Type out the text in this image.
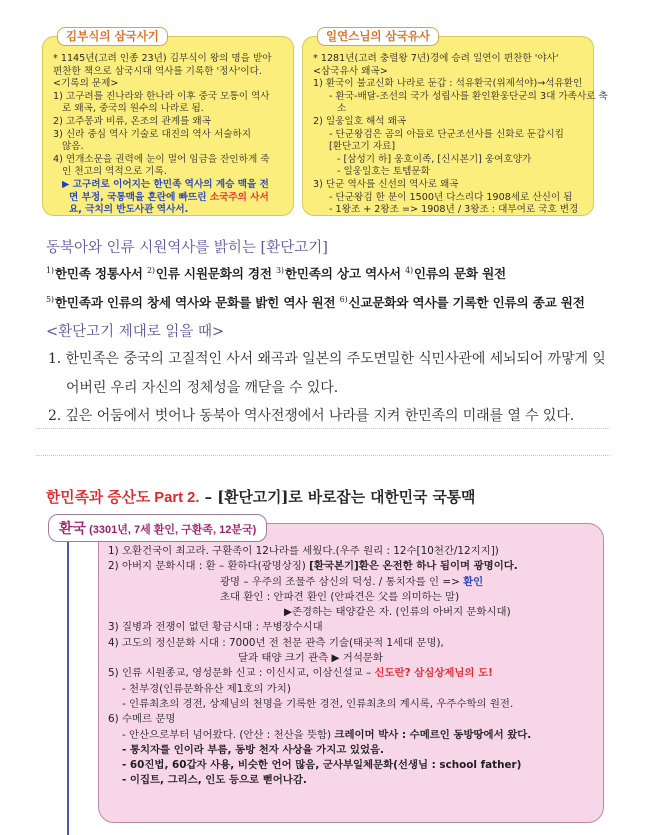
김부식의 삼국사기
* 1145년(고려 인종 23년) 김부식이 왕의 명을 받아
편찬한 책으로 삼국시대 역사를 기록한 '정사'이다.
<기록의 문제>
1) 고구려를 진나라와 한나라 이후 중국 모통이 역사
로 왜곡, 중국의 원수의 나라로 됨.
2) 고주몽과 비류, 온조의 관계를 왜곡
3) 신라 중심 역사 기술로 대진의 역사 서술하지
않음.
4) 연개소문을 권력에 눈이 멀어 임금을 잔인하게 죽
인 천고의 역적으로 기록.
▶ 고구려로 이어지는 한민족 역사의 계승 맥을 전
면 부정, 국통맥을 혼란에 빠뜨린 소국주의 사서
요, 극치의 반도사관 역사서.
일연스님의 삼국유사
* 1281년(고려 충렬왕 7년)경에 승려 일연이 편찬한 '야사'
<삼국유사 왜곡>
1) 환국이 불교신화 나라로 둔갑 : 석유환국(위제석야)→석유환인
- 환국-배달-조선의 국가 성립사를 환인환웅단군의 3대 가족사로 축
소
2) 일웅일호 해석 왜곡
- 단군왕검은 곰의 아들로 단군조선사를 신화로 둔갑시킴
[환단고기 자료]
- [삼성기 하] 웅호이족, [신시본기] 웅여호양가
- 일웅일호는 토템문화
3) 단군 역사를 신선의 역사로 왜곡
- 단군왕검 한 분이 1500년 다스리다 1908세로 산신이 됨
- 1왕조 + 2왕조 => 1908년 / 3왕조 : 대부여로 국호 변경
동북아와 인류 시원역사를 밝히는 [환단고기]
$^{1)}$한민족 정통사서 $^{2)}$인류 시원문화의 경전 $^{3)}$한민족의 상고 역사서 $^{4)}$인류의 문화 원전
$^{5)}$한민족과 인류의 창세 역사와 문화를 밝힌 역사 원전 $^{6)}$신교문화와 역사를 기록한 인류의 종교 원전
<환단고기 제대로 읽을 때>
1. 한민족은 중국의 고질적인 사서 왜곡과 일본의 주도면밀한 식민사관에 세뇌되어 까맣게 잊
어버린 우리 자신의 정체성을 깨닫을 수 있다.
2. 깊은 어둠에서 벗어나 동북아 역사전쟁에서 나라를 지켜 한민족의 미래를 열 수 있다.
한민족과 증산도 Part 2. – [환단고기]로 바로잡는 대한민국 국통맥
환국 (3301년, 7세 환인, 구환족, 12분국)
1) 오환건국이 최고라. 구환족이 12나라를 세웠다.(우주 원리 : 12수[10천간/12지지])
2) 아버지 문화시대 : 환 – 환하다(광명상징) [환국본기]환은 온전한 하나 됨이며 광명이다.
광명 – 우주의 조물주 삼신의 덕성. / 통치자를 인 => 환인
초대 환인 : 안파견 환인 (안파견은 父를 의미하는 말)
▶존경하는 태양같은 자. (인류의 아버지 문화시대)
3) 질병과 전쟁이 없던 황금시대 : 무병장수시대
4) 고도의 정신문화 시대 : 7000년 전 천문 관측 기술(태곳적 1세대 문명),
달과 태양 크기 관측 ▶ 거석문화
5) 인류 시원종교, 영성문화 신교 : 이신시교, 이삼신설교 – 신도란? 삼심상제님의 도!
- 천부경(인류문화유산 제1호의 가치)
- 인류최초의 경전, 상제님의 천명을 기록한 경전, 인류최초의 계시록, 우주수학의 원전.
6) 수메르 문명
- 안산으로부터 넘어왔다. (안산 : 천산을 뜻함) 크레이머 박사 : 수메르인 동방땅에서 왔다.
- 통치자를 인이라 부름, 동방 천자 사상을 가지고 있었음.
- 60진법, 60갑자 사용, 비슷한 언어 많음, 군사부일체문화(선생님 : school father)
- 이집트, 그리스, 인도 등으로 뻗어나감.
